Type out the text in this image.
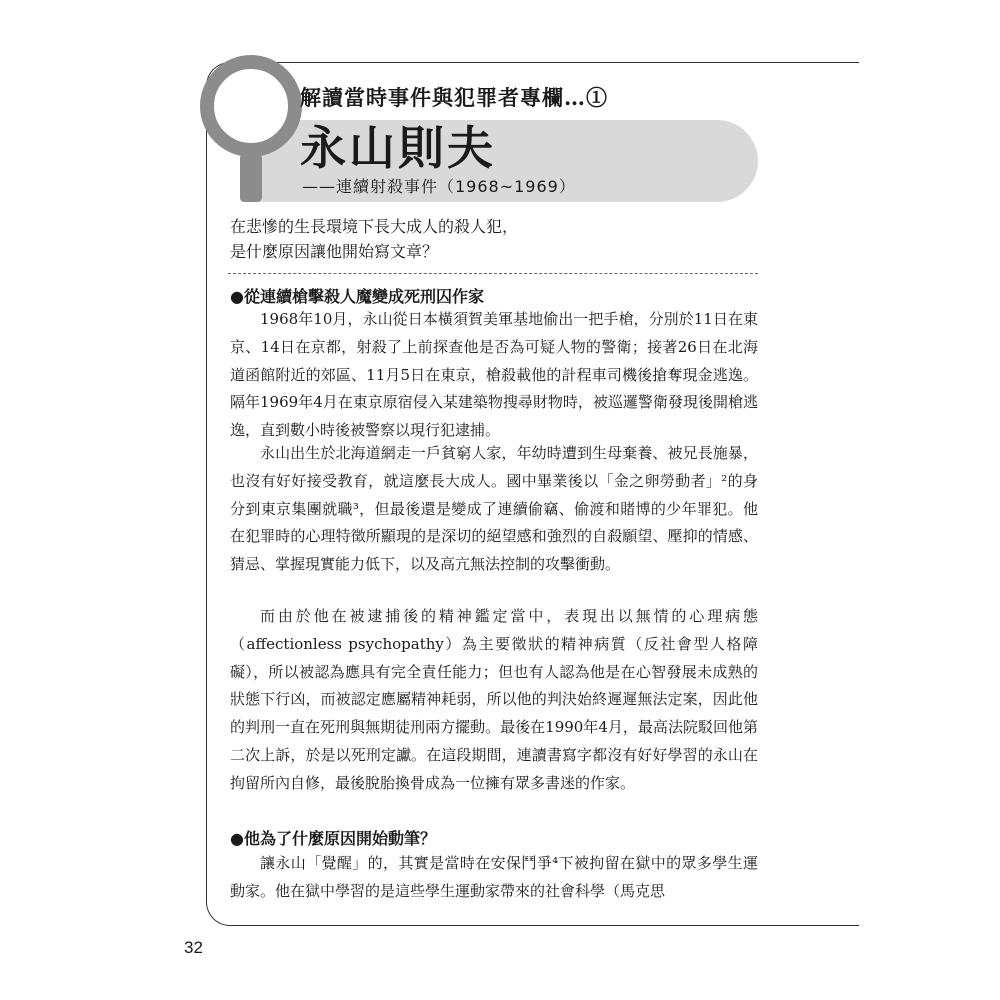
解讀當時事件與犯罪者專欄…①
永山則夫
——連續射殺事件（1968~1969）
在悲慘的生長環境下長大成人的殺人犯，
是什麼原因讓他開始寫文章？
●從連續槍擊殺人魔變成死刑囚作家

1968年10月，永山從日本橫須賀美軍基地偷出一把手槍，分別於11日在東京、14日在京都，射殺了上前探查他是否為可疑人物的警衛；接著26日在北海道函館附近的郊區、11月5日在東京，槍殺載他的計程車司機後搶奪現金逃逸。隔年1969年4月在東京原宿侵入某建築物搜尋財物時，被巡邏警衛發現後開槍逃逸，直到數小時後被警察以現行犯逮捕。

永山出生於北海道網走一戶貧窮人家，年幼時遭到生母棄養、被兄長施暴，也沒有好好接受教育，就這麼長大成人。國中畢業後以「金之卵勞動者」²的身分到東京集團就職³，但最後還是變成了連續偷竊、偷渡和賭博的少年罪犯。他在犯罪時的心理特徵所顯現的是深切的絕望感和強烈的自殺願望、壓抑的情感、猜忌、掌握現實能力低下，以及高亢無法控制的攻擊衝動。

而由於他在被逮捕後的精神鑑定當中，表現出以無情的心理病態（affectionless psychopathy）為主要徵狀的精神病質（反社會型人格障礙），所以被認為應具有完全責任能力；但也有人認為他是在心智發展未成熟的狀態下行凶，而被認定應屬精神耗弱，所以他的判決始終遲遲無法定案，因此他的判刑一直在死刑與無期徒刑兩方擺動。最後在1990年4月，最高法院駁回他第二次上訴，於是以死刑定讞。在這段期間，連讀書寫字都沒有好好學習的永山在拘留所內自修，最後脫胎換骨成為一位擁有眾多書迷的作家。

●他為了什麼原因開始動筆？

讓永山「覺醒」的，其實是當時在安保鬥爭⁴下被拘留在獄中的眾多學生運動家。他在獄中學習的是這些學生運動家帶來的社會科學（馬克思

32
